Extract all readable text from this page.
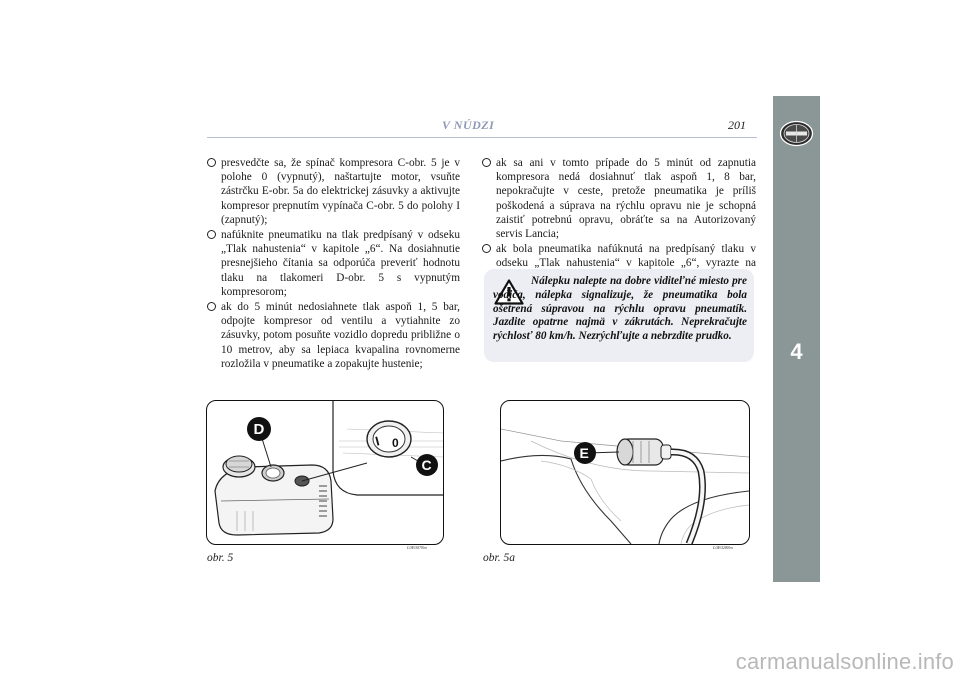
V NÚDZI	201
4
presvedčte sa, že spínač kompresora C-obr. 5 je v polohe 0 (vypnutý), naštartujte motor, vsuňte zástrčku E-obr. 5a do elektrickej zásuvky a aktivujte kompresor prepnutím vypínača C-obr. 5 do polohy I (zapnutý);
nafúknite pneumatiku na tlak predpísaný v odseku „Tlak nahustenia“ v kapitole „6“. Na dosiahnutie presnejšieho čítania sa odporúča preveriť hodnotu tlaku na tlakomeri D-obr. 5 s vypnutým kompresorom;
ak do 5 minút nedosiahnete tlak aspoň 1, 5 bar, odpojte kompresor od ventilu a vytiahnite zo zásuvky, potom posuňte vozidlo dopredu približne o 10 metrov, aby sa lepiaca kvapalina rovnomerne rozložila v pneumatike a zopakujte hustenie;
ak sa ani v tomto prípade do 5 minút od zapnutia kompresora nedá dosiahnuť tlak aspoň 1, 8 bar, nepokračujte v ceste, pretože pneumatika je príliš poškodená a súprava na rýchlu opravu nie je schopná zaistiť potrebnú opravu, obráťte sa na Autorizovaný servis Lancia;
ak bola pneumatika nafúknutá na predpísaný tlaku v odseku „Tlak nahustenia“ v kapitole „6“, vyrazte na
Nálepku nalepte na dobre viditeľné miesto pre vodiča, nálepka signalizuje, že pneumatika bola ošetrená súpravou na rýchlu opravu pneumatík. Jazdite opatrne najmä v zákrutách. Neprekračujte rýchlosť 80 km/h. Nezrýchľujte a nebrzdite prudko.
I 0
D
C
obr. 5
L0E0078m
E
obr. 5a
L0E0288m
carmanualsonline.info
